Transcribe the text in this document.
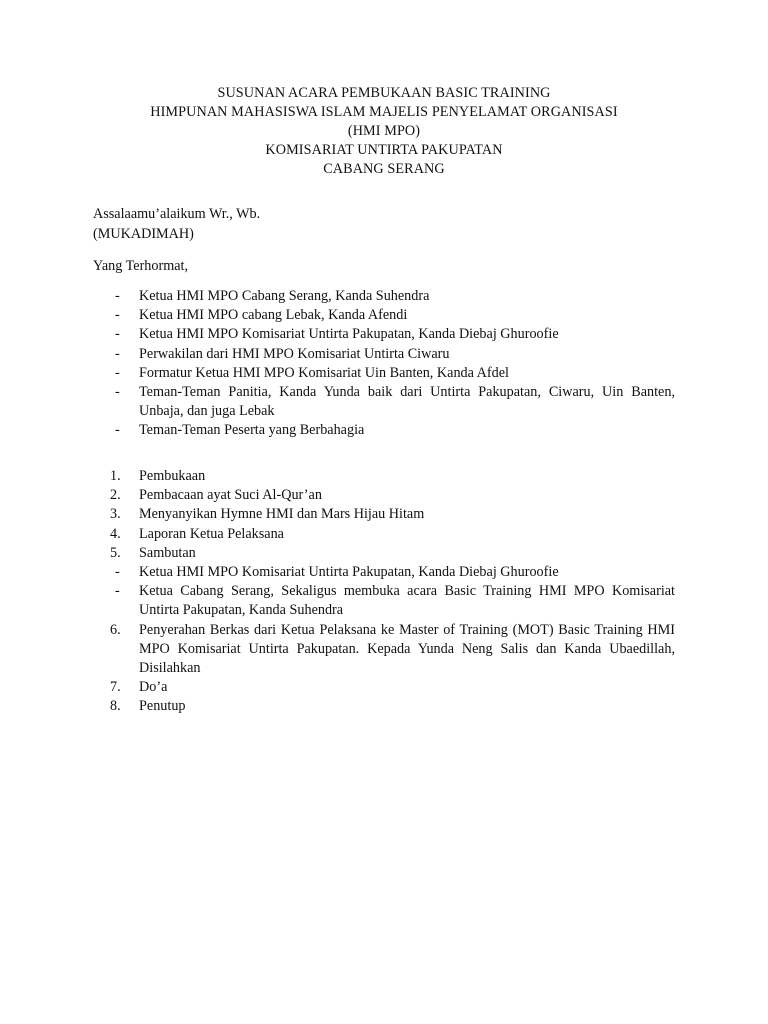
SUSUNAN ACARA PEMBUKAAN BASIC TRAINING
HIMPUNAN MAHASISWA ISLAM MAJELIS PENYELAMAT ORGANISASI
(HMI MPO)
KOMISARIAT UNTIRTA PAKUPATAN
CABANG SERANG
Assalaamu’alaikum Wr., Wb.
(MUKADIMAH)
Yang Terhormat,
-	Ketua HMI MPO Cabang Serang, Kanda Suhendra
-	Ketua HMI MPO cabang Lebak, Kanda Afendi
-	Ketua HMI MPO Komisariat Untirta Pakupatan, Kanda Diebaj Ghuroofie
-	Perwakilan dari HMI MPO Komisariat Untirta Ciwaru
-	Formatur Ketua HMI MPO Komisariat Uin Banten, Kanda Afdel
-	Teman-Teman Panitia, Kanda Yunda baik dari Untirta Pakupatan, Ciwaru, Uin Banten, Unbaja, dan juga Lebak
-	Teman-Teman Peserta yang Berbahagia
1.	Pembukaan
2.	Pembacaan ayat Suci Al-Qur’an
3.	Menyanyikan Hymne HMI dan Mars Hijau Hitam
4.	Laporan Ketua Pelaksana
5.	Sambutan
-	Ketua HMI MPO Komisariat Untirta Pakupatan, Kanda Diebaj Ghuroofie
-	Ketua Cabang Serang, Sekaligus membuka acara Basic Training HMI MPO Komisariat Untirta Pakupatan, Kanda Suhendra
6.	Penyerahan Berkas dari Ketua Pelaksana ke Master of Training (MOT) Basic Training HMI MPO Komisariat Untirta Pakupatan. Kepada Yunda Neng Salis dan Kanda Ubaedillah, Disilahkan
7.	Do’a
8.	Penutup
